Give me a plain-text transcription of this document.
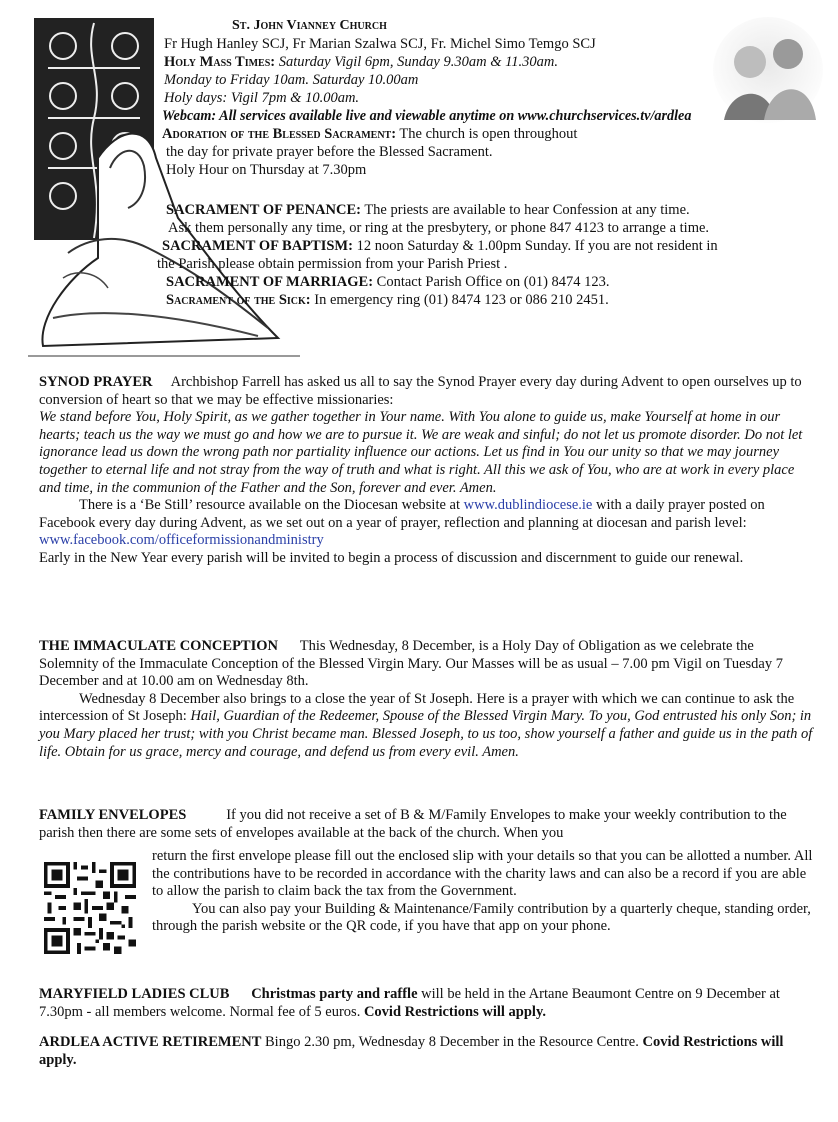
St. John Vianney Church
Fr Hugh Hanley SCJ, Fr Marian Szalwa SCJ, Fr. Michel Simo Temgo SCJ
Holy Mass Times: Saturday Vigil 6pm, Sunday 9.30am & 11.30am.
Monday to Friday 10am. Saturday 10.00am
Holy days: Vigil 7pm & 10.00am.
Webcam: All services available live and viewable anytime on www.churchservices.tv/ardlea
Adoration of the Blessed Sacrament: The church is open throughout
the day for private prayer before the Blessed Sacrament.
Holy Hour on Thursday at 7.30pm
SACRAMENT OF PENANCE: The priests are available to hear Confession at any time.
Ask them personally any time, or ring at the presbytery, or phone 847 4123 to arrange a time.
SACRAMENT OF BAPTISM: 12 noon Saturday & 1.00pm Sunday. If you are not resident in
the Parish please obtain permission from your Parish Priest .
SACRAMENT OF MARRIAGE: Contact Parish Office on (01) 8474 123.
Sacrament of the Sick: In emergency ring (01) 8474 123 or 086 210 2451.

SYNOD PRAYER Archbishop Farrell has asked us all to say the Synod Prayer every day during Advent to open ourselves up to conversion of heart so that we may be effective missionaries:

We stand before You, Holy Spirit, as we gather together in Your name. With You alone to guide us, make Yourself at home in our hearts; teach us the way we must go and how we are to pursue it. We are weak and sinful; do not let us promote disorder. Do not let ignorance lead us down the wrong path nor partiality influence our actions. Let us find in You our unity so that we may journey together to eternal life and not stray from the way of truth and what is right. All this we ask of You, who are at work in every place and time, in the communion of the Father and the Son, forever and ever. Amen.

There is a ‘Be Still’ resource available on the Diocesan website at www.dublindiocese.ie with a daily prayer posted on Facebook every day during Advent, as we set out on a year of prayer, reflection and planning at diocesan and parish level: www.facebook.com/officeformissionandministry

Early in the New Year every parish will be invited to begin a process of discussion and discernment to guide our renewal.

THE IMMACULATE CONCEPTION This Wednesday, 8 December, is a Holy Day of Obligation as we celebrate the Solemnity of the Immaculate Conception of the Blessed Virgin Mary. Our Masses will be as usual – 7.00 pm Vigil on Tuesday 7 December and at 10.00 am on Wednesday 8th.

Wednesday 8 December also brings to a close the year of St Joseph. Here is a prayer with which we can continue to ask the intercession of St Joseph: Hail, Guardian of the Redeemer, Spouse of the Blessed Virgin Mary. To you, God entrusted his only Son; in you Mary placed her trust; with you Christ became man. Blessed Joseph, to us too, show yourself a father and guide us in the path of life. Obtain for us grace, mercy and courage, and defend us from every evil. Amen.

FAMILY ENVELOPES	If you did not receive a set of B & M/Family Envelopes to make your weekly contribution to the parish then there are some sets of envelopes available at the back of the church. When you

return the first envelope please fill out the enclosed slip with your details so that you can be allotted a number. All the contributions have to be recorded in accordance with the charity laws and can also be a record if you are able to allow the parish to claim back the tax from the Government.

You can also pay your Building & Maintenance/Family contribution by a quarterly cheque, standing order, through the parish website or the QR code, if you have that app on your phone.

MARYFIELD LADIES CLUB Christmas party and raffle will be held in the Artane Beaumont Centre on 9 December at 7.30pm - all members welcome. Normal fee of 5 euros. Covid Restrictions will apply.

ARDLEA ACTIVE RETIREMENT Bingo 2.30 pm, Wednesday 8 December in the Resource Centre. Covid Restrictions will apply.
